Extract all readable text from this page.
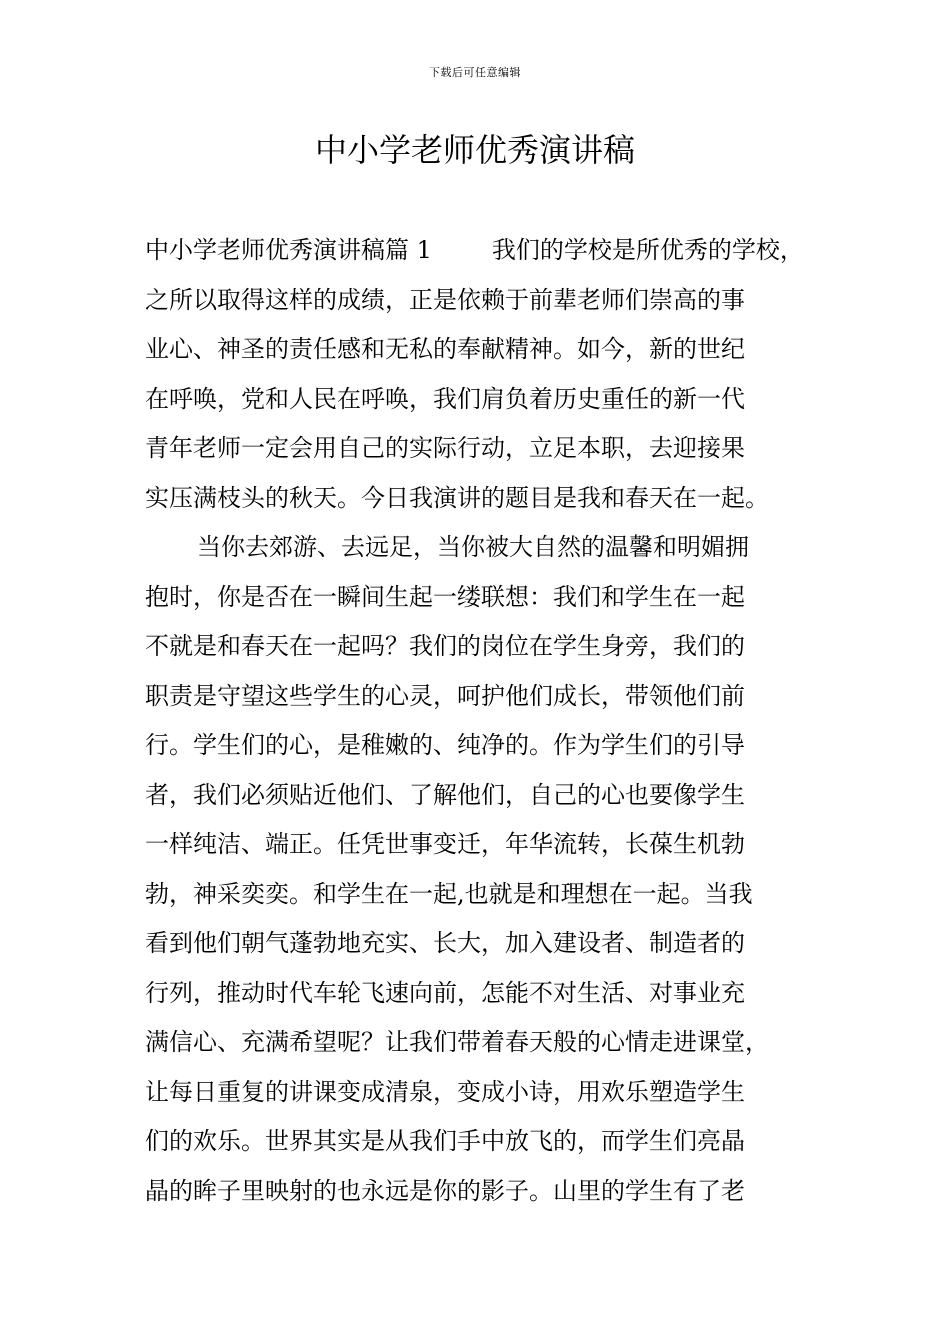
下载后可任意编辑
中小学老师优秀演讲稿
中小学老师优秀演讲稿篇 1	我们的学校是所优秀的学校，
之所以取得这样的成绩，正是依赖于前辈老师们崇高的事
业心、神圣的责任感和无私的奉献精神。如今，新的世纪
在呼唤，党和人民在呼唤，我们肩负着历史重任的新一代
青年老师一定会用自己的实际行动，立足本职，去迎接果
实压满枝头的秋天。今日我演讲的题目是我和春天在一起。
当你去郊游、去远足，当你被大自然的温馨和明媚拥
抱时，你是否在一瞬间生起一缕联想：我们和学生在一起
不就是和春天在一起吗？我们的岗位在学生身旁，我们的
职责是守望这些学生的心灵，呵护他们成长，带领他们前
行。学生们的心，是稚嫩的、纯净的。作为学生们的引导
者，我们必须贴近他们、了解他们，自己的心也要像学生
一样纯洁、端正。任凭世事变迁，年华流转，长葆生机勃
勃，神采奕奕。和学生在一起,也就是和理想在一起。当我
看到他们朝气蓬勃地充实、长大，加入建设者、制造者的
行列，推动时代车轮飞速向前，怎能不对生活、对事业充
满信心、充满希望呢？让我们带着春天般的心情走进课堂，
让每日重复的讲课变成清泉，变成小诗，用欢乐塑造学生
们的欢乐。世界其实是从我们手中放飞的，而学生们亮晶
晶的眸子里映射的也永远是你的影子。山里的学生有了老
